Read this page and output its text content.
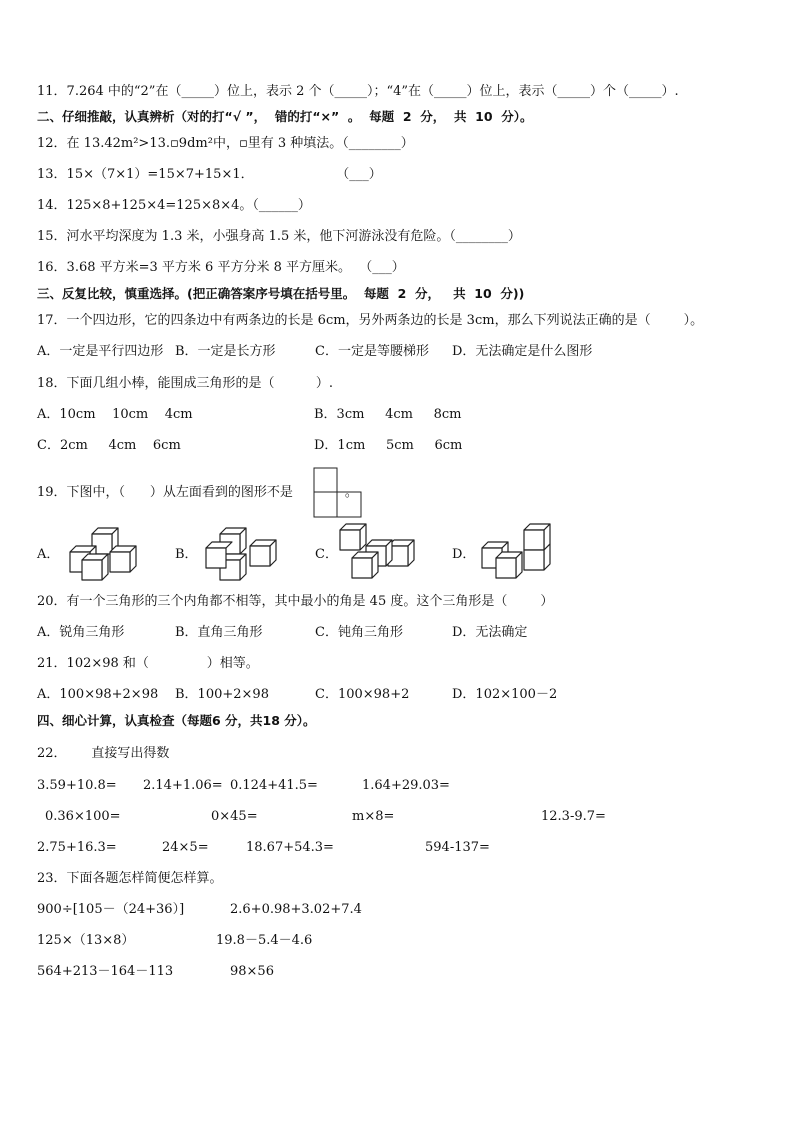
11．7.264 中的“2”在（_____）位上，表示 2 个（_____）；“4”在（_____）位上，表示（_____）个（_____）.
二、仔细推敲，认真辨析（对的打“√ ”，  错的打“×”  。  每题  2  分，  共  10  分）。
12．在 13.42m²>13.▫9dm²中，▫里有 3 种填法。（________）
13．15×（7×1）=15×7+15×1．                    （___）
14．125×8+125×4=125×8×4。（______）
15．河水平均深度为 1.3 米，小强身高 1.5 米，他下河游泳没有危险。（________）
16．3.68 平方米=3 平方米 6 平方分米 8 平方厘米。  （___）
三、反复比较，慎重选择。(把正确答案序号填在括号里。  每题  2  分，   共  10  分))
17．一个四边形，它的四条边中有两条边的长是 6cm，另外两条边的长是 3cm，那么下列说法正确的是（        ）。
A．一定是平行四边形 B．一定是长方形	C．一定是等腰梯形 D．无法确定是什么图形
18．下面几组小棒，能围成三角形的是（          ）.
A．10cm    10cm    4cm	B．3cm     4cm     8cm
C．2cm     4cm    6cm	D．1cm     5cm     6cm
19．下图中，（      ）从左面看到的图形不是	。
A．	B．	C．	D．
20．有一个三角形的三个内角都不相等，其中最小的角是 45 度。这个三角形是（        ）
A．锐角三角形	B．直角三角形	C．钝角三角形	D．无法确定
21．102×98 和（              ）相等。
A．100×98+2×98 B．100+2×98	C．100×98+2	D．102×100－2
四、细心计算，认真检查（每题6 分，共18 分）。
22．      直接写出得数
3.59+10.8= 2.14+1.06= 0.124+41.5=	1.64+29.03=
0.36×100=	0×45=	m×8=	12.3-9.7=
2.75+16.3=	24×5=	18.67+54.3=	594-137=
23．下面各题怎样简便怎样算。
900÷[105－（24+36）]	2.6+0.98+3.02+7.4
125×（13×8）	19.8－5.4－4.6
564+213－164－113	98×56
